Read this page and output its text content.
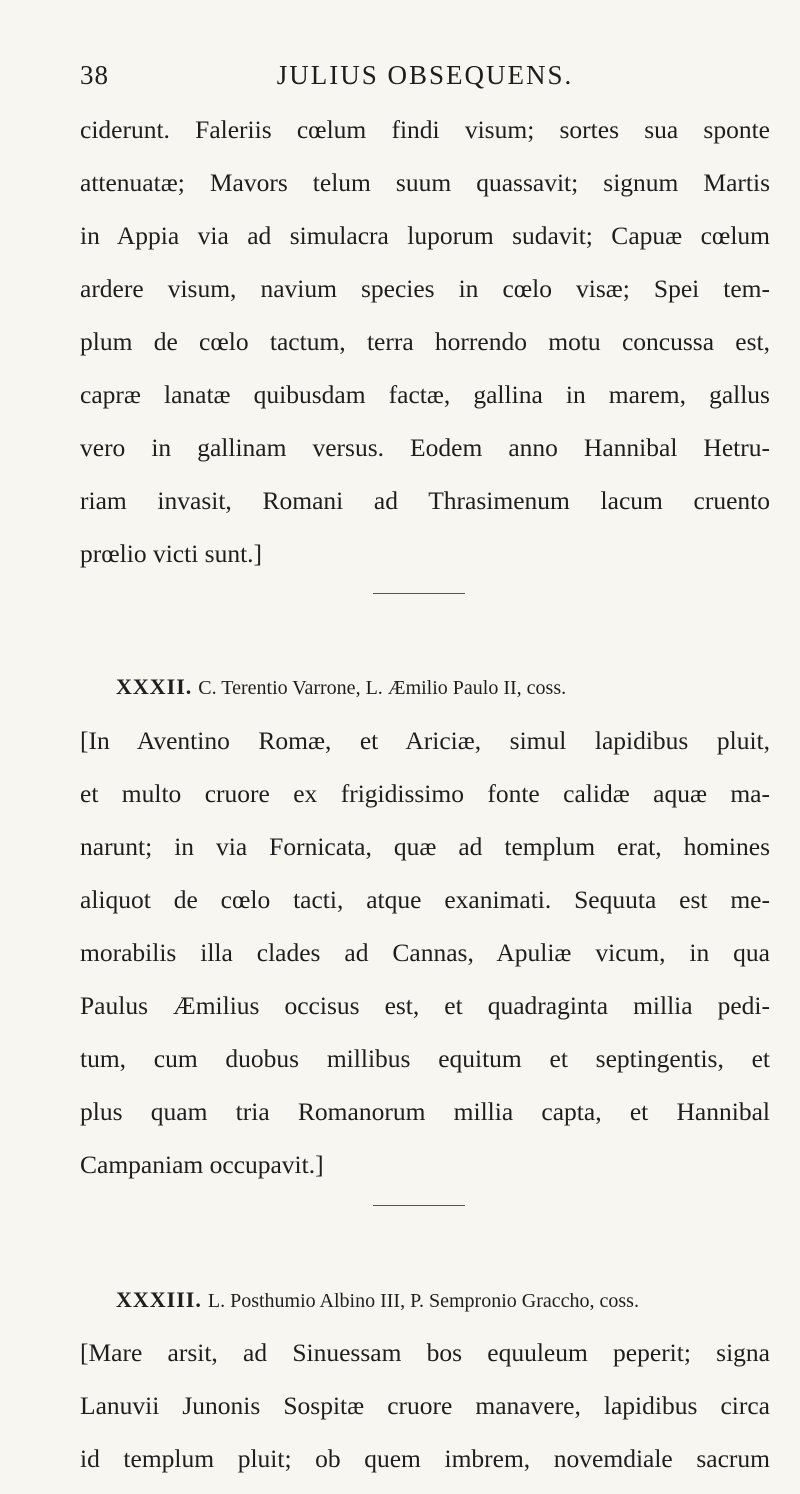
38	JULIUS OBSEQUENS.
ciderunt. Faleriis cœlum findi visum; sortes sua sponte
attenuatæ; Mavors telum suum quassavit; signum Martis
in Appia via ad simulacra luporum sudavit; Capuæ cœlum
ardere visum, navium species in cœlo visæ; Spei tem-
plum de cœlo tactum, terra horrendo motu concussa est,
capræ lanatæ quibusdam factæ, gallina in marem, gallus
vero in gallinam versus. Eodem anno Hannibal Hetru-
riam invasit, Romani ad Thrasimenum lacum cruento
prœlio victi sunt.]
XXXII. C. Terentio Varrone, L. Æmilio Paulo II, coss.
[In Aventino Romæ, et Ariciæ, simul lapidibus pluit,
et multo cruore ex frigidissimo fonte calidæ aquæ ma-
narunt; in via Fornicata, quæ ad templum erat, homines
aliquot de cœlo tacti, atque exanimati. Sequuta est me-
morabilis illa clades ad Cannas, Apuliæ vicum, in qua
Paulus Æmilius occisus est, et quadraginta millia pedi-
tum, cum duobus millibus equitum et septingentis, et
plus quam tria Romanorum millia capta, et Hannibal
Campaniam occupavit.]
XXXIII. L. Posthumio Albino III, P. Sempronio Graccho, coss.
[Mare arsit, ad Sinuessam bos equuleum peperit; signa
Lanuvii Junonis Sospitæ cruore manavere, lapidibus circa
id templum pluit; ob quem imbrem, novemdiale sacrum
